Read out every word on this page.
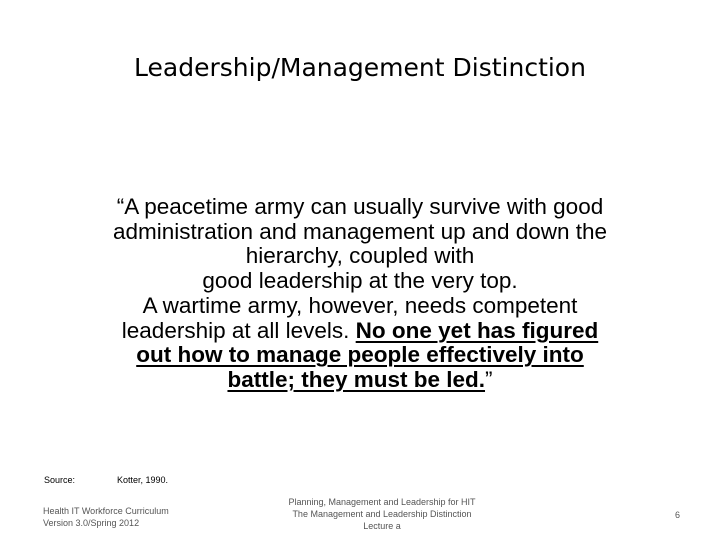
Leadership/Management Distinction
“A peacetime army can usually survive with good
administration and management up and down the
hierarchy, coupled with
good leadership at the very top.
A wartime army, however, needs competent
leadership at all levels. No one yet has figured
out how to manage people effectively into
battle; they must be led.”
Source:	Kotter, 1990.
Health IT Workforce Curriculum
Version 3.0/Spring 2012
Planning, Management and Leadership for HIT
The Management and Leadership Distinction
Lecture a
6
